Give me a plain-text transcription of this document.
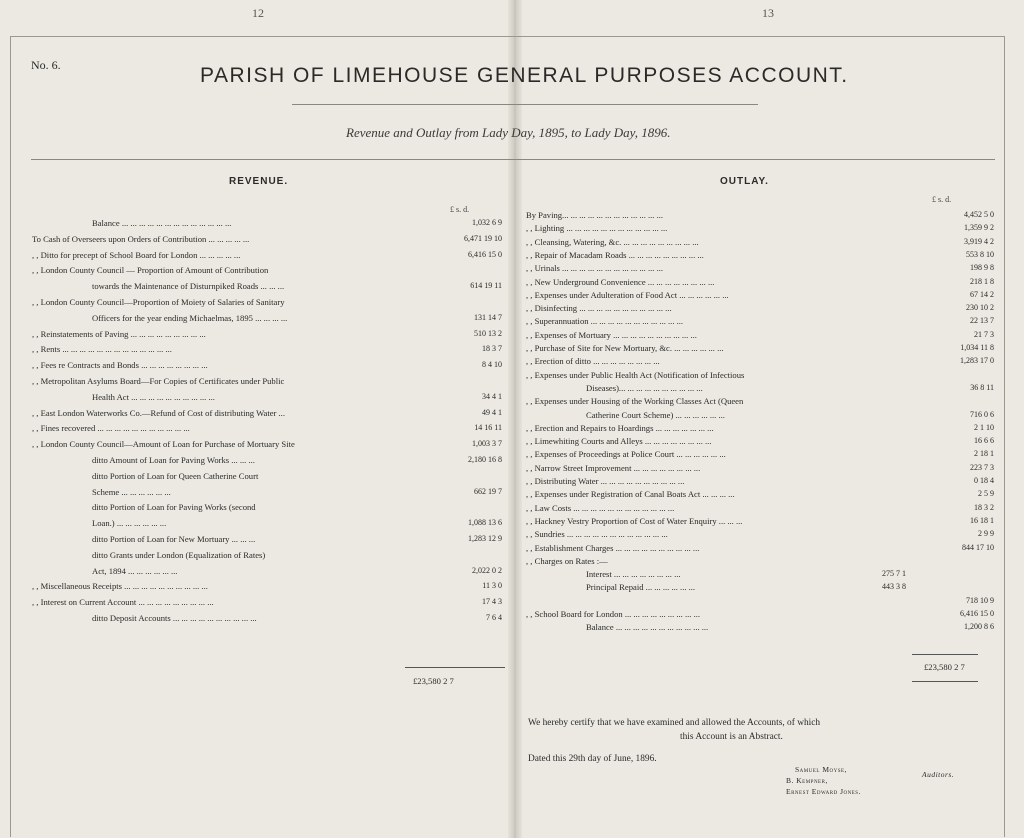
12	13
No. 6.	PARISH OF LIMEHOUSE GENERAL PURPOSES ACCOUNT.
Revenue and Outlay from Lady Day, 1895, to Lady Day, 1896.
REVENUE.	OUTLAY.
£ s. d.
£ s. d.
Balance ... ... ... ... ... ... ... ... ... ... ... ... ...	1,032 6 9
To Cash of Overseers upon Orders of Contribution ... ... ... ... ...	6,471 19 10
, , Ditto for precept of School Board for London ... ... ... ... ...	6,416 15 0
, , London County Council — Proportion of Amount of Contribution
towards the Maintenance of Disturnpiked Roads ... ... ...	614 19 11
, , London County Council—Proportion of Moiety of Salaries of Sanitary
Officers for the year ending Michaelmas, 1895 ... ... ... ...	131 14 7
, , Reinstatements of Paving ... ... ... ... ... ... ... ... ...	510 13 2
, , Rents ... ... ... ... ... ... ... ... ... ... ... ... ...	18 3 7
, , Fees re Contracts and Bonds ... ... ... ... ... ... ... ...	8 4 10
, , Metropolitan Asylums Board—For Copies of Certificates under Public
Health Act ... ... ... ... ... ... ... ... ... ...	34 4 1
, , East London Waterworks Co.—Refund of Cost of distributing Water ...	49 4 1
, , Fines recovered ... ... ... ... ... ... ... ... ... ... ...	14 16 11
, , London County Council—Amount of Loan for Purchase of Mortuary Site	1,003 3 7
ditto Amount of Loan for Paving Works ... ... ...	2,180 16 8
ditto Portion of Loan for Queen Catherine Court
Scheme ... ... ... ... ... ...	662 19 7
ditto Portion of Loan for Paving Works (second
Loan.) ... ... ... ... ... ...	1,088 13 6
ditto Portion of Loan for New Mortuary ... ... ...	1,283 12 9
ditto Grants under London (Equalization of Rates)
Act, 1894 ... ... ... ... ... ...	2,022 0 2
, , Miscellaneous Receipts ... ... ... ... ... ... ... ... ... ...	11 3 0
, , Interest on Current Account ... ... ... ... ... ... ... ... ...	17 4 3
ditto Deposit Accounts ... ... ... ... ... ... ... ... ... ...	7 6 4
By Paving... ... ... ... ... ... ... ... ... ... ... ...	4,452 5 0
, , Lighting ... ... ... ... ... ... ... ... ... ... ... ...	1,359 9 2
, , Cleansing, Watering, &c. ... ... ... ... ... ... ... ... ...	3,919 4 2
, , Repair of Macadam Roads ... ... ... ... ... ... ... ... ...	553 8 10
, , Urinals ... ... ... ... ... ... ... ... ... ... ... ...	198 9 8
, , New Underground Convenience ... ... ... ... ... ... ... ...	218 1 8
, , Expenses under Adulteration of Food Act ... ... ... ... ... ...	67 14 2
, , Disinfecting ... ... ... ... ... ... ... ... ... ... ...	230 10 2
, , Superannuation ... ... ... ... ... ... ... ... ... ... ...	22 13 7
, , Expenses of Mortuary ... ... ... ... ... ... ... ... ... ...	21 7 3
, , Purchase of Site for New Mortuary, &c. ... ... ... ... ... ...	1,034 11 8
, , Erection of ditto ... ... ... ... ... ... ... ...	1,283 17 0
, , Expenses under Public Health Act (Notification of Infectious
Diseases)... ... ... ... ... ... ... ... ... ...	36 8 11
, , Expenses under Housing of the Working Classes Act (Queen
Catherine Court Scheme) ... ... ... ... ... ...	716 0 6
, , Erection and Repairs to Hoardings ... ... ... ... ... ... ...	2 1 10
, , Limewhiting Courts and Alleys ... ... ... ... ... ... ... ...	16 6 6
, , Expenses of Proceedings at Police Court ... ... ... ... ... ...	2 18 1
, , Narrow Street Improvement ... ... ... ... ... ... ... ...	223 7 3
, , Distributing Water ... ... ... ... ... ... ... ... ... ...	0 18 4
, , Expenses under Registration of Canal Boats Act ... ... ... ...	2 5 9
, , Law Costs ... ... ... ... ... ... ... ... ... ... ... ...	18 3 2
, , Hackney Vestry Proportion of Cost of Water Enquiry ... ... ...	16 18 1
, , Sundries ... ... ... ... ... ... ... ... ... ... ... ...	2 9 9
, , Establishment Charges ... ... ... ... ... ... ... ... ... ...	844 17 10
, , Charges on Rates :—
Interest ... ... ... ... ... ... ... ...	275 7 1
Principal Repaid ... ... ... ... ... ...	443 3 8
718 10 9
, , School Board for London ... ... ... ... ... ... ... ... ...	6,416 15 0
Balance ... ... ... ... ... ... ... ... ... ... ...	1,200 8 6
£23,580 2 7
£23,580 2 7
We hereby certify that we have examined and allowed the Accounts, of which
this Account is an Abstract.
Dated this 29th day of June, 1896.
Samuel Moyse,
B. Kempner,
Ernest Edward Jones.
Auditors.
